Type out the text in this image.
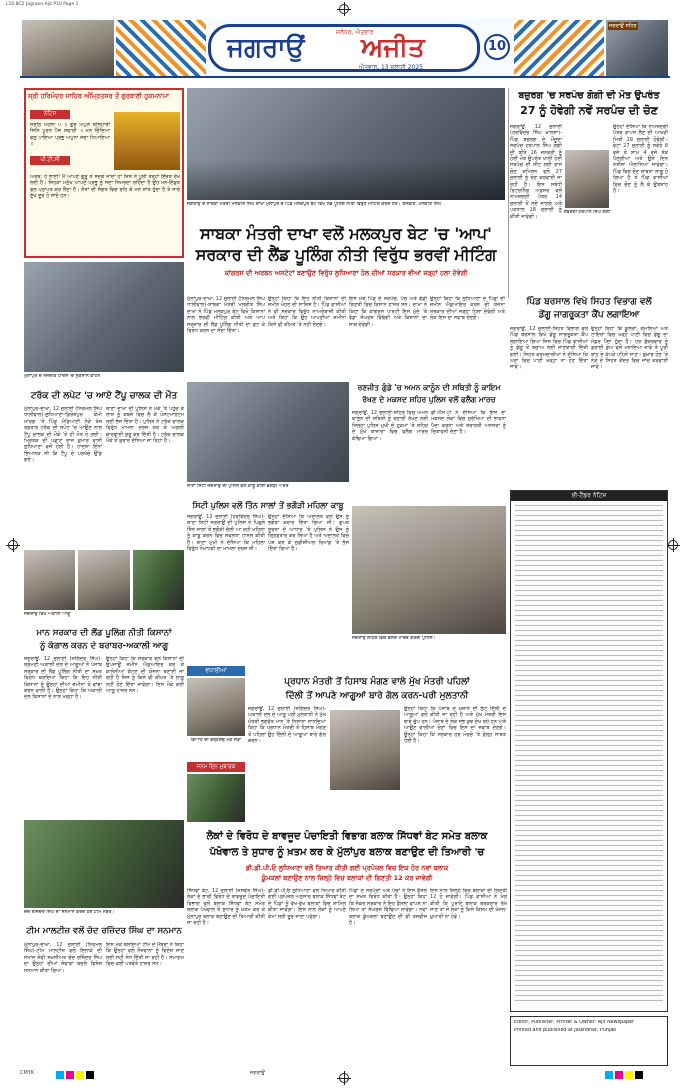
L10 8C2 Jagraon-Ajit P10 Page 1
ਜਗਰਾਉਂ
ਜਲੰਧਰ, ਐਤਵਾਰ
ਅਜੀਤ
ਐਤਵਾਰ, 13 ਜੁਲਾਈ 2025
10
ਜਗਰਾਉਂ ਸ਼ਹਿਰ
ਸ੍ਰੀ ਹਰਿਮੰਦਰ ਸਾਹਿਬ ਅੰਮ੍ਰਿਤਸਰ ਤੋਂ ਗੁਰਬਾਣੀ ਹੁਕਮਨਾਮਾ
ਨੋਟਿਸ
ਸੋਰਠਿ ਮਹਲਾ ੫ ॥ ਗੁਰ ਅਪੁਨੇ ਬਲਿਹਾਰੀ ਜਿਨਿ ਪੂਰਨ ਪੈਜ ਸਵਾਰੀ ॥ ਮਨ ਚਿੰਦਿਆ ਫਲੁ ਪਾਇਆ ਪ੍ਰਭੁ ਅਪੁਨਾ ਸਦਾ ਧਿਆਇਆ ॥
ਪੀ.ਟੀ.ਸੀ
ਅਰਥ: ਹੇ ਭਾਈ! ਮੈਂ ਆਪਣੇ ਗੁਰੂ ਤੋਂ ਸਦਕੇ ਜਾਂਦਾ ਹਾਂ ਜਿਸ ਨੇ ਪੂਰੀ ਤਰ੍ਹਾਂ ਇੱਜ਼ਤ ਰੱਖ ਲਈ ਹੈ। ਜਿਹੜਾ ਮਨੁੱਖ ਆਪਣੇ ਪ੍ਰਭੂ ਨੂੰ ਸਦਾ ਸਿਮਰਦਾ ਰਹਿੰਦਾ ਹੈ ਉਹ ਮਨ-ਇੱਛਤ ਫਲ ਪ੍ਰਾਪਤ ਕਰ ਲੈਂਦਾ ਹੈ। ਸੰਤਾਂ ਦੀ ਸੰਗਤ ਵਿਚ ਰਹਿ ਕੇ ਮਨ ਸ਼ਾਂਤ ਹੁੰਦਾ ਹੈ ਤੇ ਸਾਰੇ ਦੁੱਖ ਦੂਰ ਹੋ ਜਾਂਦੇ ਹਨ।
ਜਗਰਾਉਂ ਦੇ ਸਾਬਕਾ ਮੰਤਰੀ ਮਲਕੀਤ ਸਿੰਘ ਦਾਖਾ ਮੁਲਾਂਪੁਰ ਦੇ ਪਿੰਡ ਮਲਕਪੁਰ ਬੇਟ ਵਿਖੇ ਲੈਂਡ ਪੂਲਿੰਗ ਨੀਤੀ ਵਿਰੁੱਧ ਮੀਟਿੰਗ ਕਰਦੇ ਹੋਏ। ਤਸਵੀਰ: ਮਲਕੀਤ ਸਿੰਘ
ਬਜ਼ੁਰਗ 'ਚ ਸਰਪੰਚ ਗੋਗੀ ਦੀ ਮੌਤ ਉਪਰੰਤ
27 ਨੂੰ ਹੋਵੇਗੀ ਨਵੇਂ ਸਰਪੰਚ ਦੀ ਚੋਣ
ਜਗਰਾਉਂ, 12 ਜੁਲਾਈ (ਹਰਵਿੰਦਰ ਸਿੰਘ ਖ਼ਾਲਸਾ)-ਪਿੰਡ ਬਜ਼ੁਰਗ ਦੇ ਮੌਜੂਦਾ ਸਰਪੰਚ ਹਰਪਾਲ ਸਿੰਘ ਗੋਗੀ ਦੀ ਬੀਤੇ 16 ਜਨਵਰੀ ਨੂੰ ਹੋਈ ਮੌਤ ਉਪਰੰਤ ਖਾਲੀ ਹੋਈ ਸਰਪੰਚ ਦੀ ਸੀਟ ਲਈ ਰਾਜ ਚੋਣ ਕਮਿਸ਼ਨ ਵਲੋਂ 27 ਜੁਲਾਈ ਨੂੰ ਚੋਣ ਕਰਵਾਈ ਜਾ ਰਹੀ ਹੈ। ਇਸ ਸਬੰਧੀ ਰਿਟਰਨਿੰਗ ਅਫ਼ਸਰ ਵਲੋਂ ਨਾਮਜ਼ਦਗੀ ਪੱਤਰ 14 ਜੁਲਾਈ ਤੋਂ ਲਏ ਜਾਣਗੇ ਅਤੇ ਪੜਤਾਲ 18 ਜੁਲਾਈ ਨੂੰ ਕੀਤੀ ਜਾਵੇਗੀ।
ਸਵਰਗੀ ਹਰਪਾਲ ਸਿੰਘ ਗੋਗੀ
ਉਨ੍ਹਾਂ ਦੱਸਿਆ ਕਿ ਨਾਮਜ਼ਦਗੀ ਪੱਤਰ ਵਾਪਸ ਲੈਣ ਦੀ ਆਖ਼ਰੀ ਮਿਤੀ 19 ਜੁਲਾਈ ਹੋਵੇਗੀ। ਵੋਟਾਂ 27 ਜੁਲਾਈ ਨੂੰ ਸਵੇਰੇ 8 ਵਜੇ ਤੋਂ ਸ਼ਾਮ 4 ਵਜੇ ਤੱਕ ਪੈਣਗੀਆਂ ਅਤੇ ਉਸੇ ਦਿਨ ਨਤੀਜਾ ਐਲਾਨਿਆ ਜਾਵੇਗਾ। ਪਿੰਡ ਵਿਚ ਚੋਣ ਜ਼ਾਬਤਾ ਲਾਗੂ ਹੋ ਗਿਆ ਹੈ ਤੇ ਪਿੰਡ ਵਾਸੀਆਂ ਵਿਚ ਚੋਣ ਨੂੰ ਲੈ ਕੇ ਉਤਸ਼ਾਹ ਹੈ।
ਸਾਬਕਾ ਮੰਤਰੀ ਦਾਖਾ ਵਲੋਂ ਮਲਕਪੁਰ ਬੇਟ 'ਚ 'ਆਪ'
ਸਰਕਾਰ ਦੀ ਲੈਂਡ ਪੂਲਿੰਗ ਨੀਤੀ ਵਿਰੁੱਧ ਭਰਵੀਂ ਮੀਟਿੰਗ
ਕਾਂਗਰਸ ਦੀ ਅਰਬਨ ਅਸਟੇਟਾਂ ਬਣਾਉਣ ਵਿਰੁੱਧ ਲੁਧਿਆਣਾ ਹੋਲ ਦੀਆਂ ਸਰਕਾਰ ਵੀਆਂ ਜੜ੍ਹਾਂ ਹਲਾ ਦੇਵੇਗੀ
ਮੁੱਲਾਂਪੁਰ ਦੇ ਨਜ਼ਦੀਕ ਹਾਦਸੇ 'ਚ ਨੁਕਸਾਨੇ ਵਾਹਨ
ਟਰੱਕ ਦੀ ਲਪੇਟ 'ਚ ਆਏ ਟੈਂਪੂ ਚਾਲਕ ਦੀ ਮੌਤ
ਮੁੱਲਾਂਪੁਰ-ਦਾਖਾ, 12 ਜੁਲਾਈ (ਨਿਰਮਲ ਸਿੰਘ ਧਾਲੀਵਾਲ)-ਲੁਧਿਆਣਾ-ਫ਼ਿਰੋਜ਼ਪੁਰ ਕੌਮੀ ਮਾਰਗ 'ਤੇ ਪਿੰਡ ਮੰਡਿਆਣੀ ਨੇੜੇ ਤੇਜ਼ ਰਫ਼ਤਾਰ ਟਰੱਕ ਦੀ ਲਪੇਟ 'ਚ ਆਉਣ ਨਾਲ ਟੈਂਪੂ ਚਾਲਕ ਦੀ ਮੌਕੇ 'ਤੇ ਹੀ ਮੌਤ ਹੋ ਗਈ। ਮ੍ਰਿਤਕ ਦੀ ਪਛਾਣ ਰਾਜ ਕੁਮਾਰ ਵਾਸੀ ਲੁਧਿਆਣਾ ਵਜੋਂ ਹੋਈ ਹੈ। ਹਾਦਸਾ ਇੰਨਾ ਭਿਆਨਕ ਸੀ ਕਿ ਟੈਂਪੂ ਦੇ ਪਰਖੱਚੇ ਉੱਡ ਗਏ।
ਥਾਣਾ ਦਾਖਾ ਦੀ ਪੁਲਿਸ ਨੇ ਮੌਕੇ 'ਤੇ ਪਹੁੰਚ ਕੇ ਲਾਸ਼ ਨੂੰ ਕਬਜ਼ੇ ਵਿਚ ਲੈ ਕੇ ਪੋਸਟਮਾਰਟਮ ਲਈ ਭੇਜ ਦਿੱਤਾ ਹੈ। ਪੁਲਿਸ ਨੇ ਟਰੱਕ ਚਾਲਕ ਵਿਰੁੱਧ ਮਾਮਲਾ ਦਰਜ ਕਰ ਕੇ ਅਗਲੀ ਕਾਰਵਾਈ ਸ਼ੁਰੂ ਕਰ ਦਿੱਤੀ ਹੈ। ਟਰੱਕ ਚਾਲਕ ਮੌਕੇ ਤੋਂ ਫ਼ਰਾਰ ਦੱਸਿਆ ਜਾ ਰਿਹਾ ਹੈ।
ਜਗਰਾਉਂ ਵਿਖੇ ਅਕਾਲੀ ਆਗੂ
ਮਾਨ ਸਰਕਾਰ ਦੀ ਲੈਂਡ ਪੂਲਿੰਗ ਨੀਤੀ ਕਿਸਾਨਾਂ
ਨੂੰ ਕੰਗਾਲ ਕਰਨ ਦੇ ਬਰਾਬਰ-ਅਕਾਲੀ ਆਗੂ
ਜਗਰਾਉਂ, 12 ਜੁਲਾਈ (ਜੋਗਿੰਦਰ ਸਿੰਘ)-ਸ਼੍ਰੋਮਣੀ ਅਕਾਲੀ ਦਲ ਦੇ ਆਗੂਆਂ ਨੇ ਪੰਜਾਬ ਸਰਕਾਰ ਦੀ ਲੈਂਡ ਪੂਲਿੰਗ ਨੀਤੀ ਦਾ ਸਖ਼ਤ ਵਿਰੋਧ ਕਰਦਿਆਂ ਕਿਹਾ ਕਿ ਇਹ ਨੀਤੀ ਕਿਸਾਨਾਂ ਨੂੰ ਉਨ੍ਹਾਂ ਦੀਆਂ ਜ਼ਮੀਨਾਂ ਤੋਂ ਵਾਂਝਾ ਕਰਨ ਵਾਲੀ ਹੈ। ਉਨ੍ਹਾਂ ਕਿਹਾ ਕਿ ਅਕਾਲੀ ਦਲ ਕਿਸਾਨਾਂ ਦੇ ਨਾਲ ਖੜ੍ਹਾ ਹੈ।
ਉਨ੍ਹਾਂ ਕਿਹਾ ਕਿ ਸਰਕਾਰ ਵਲੋਂ ਕਿਸਾਨਾਂ ਦੀ ਉਪਜਾਊ ਜ਼ਮੀਨ ਐਕੁਆਇਰ ਕਰ ਕੇ ਕਾਲੋਨੀਆਂ ਕੱਟਣ ਦੀ ਯੋਜਨਾ ਬਣਾਈ ਜਾ ਰਹੀ ਹੈ ਜਿਸ ਨੂੰ ਕਿਸੇ ਵੀ ਕੀਮਤ 'ਤੇ ਲਾਗੂ ਨਹੀਂ ਹੋਣ ਦਿੱਤਾ ਜਾਵੇਗਾ। ਇਸ ਮੌਕੇ ਕਈ ਆਗੂ ਹਾਜ਼ਰ ਸਨ।
ਚੰਦ ਰਜ਼ਿੰਦਰ ਸਿੰਘ ਦਾ ਸਨਮਾਨ ਕਰਦੇ ਹੋਏ ਟੀਮ ਮੈਂਬਰ।
ਟੀਮ ਮਾਲਟੀਜ਼ ਵਲੋਂ ਚੰਦ ਰਜ਼ਿੰਦਰ ਸਿੰਘ ਦਾ ਸਨਮਾਨ
ਮੁੱਲਾਂਪੁਰ-ਦਾਖਾ, 12 ਜੁਲਾਈ (ਨਿਰਮਲ ਸਿੰਘ)-ਟੀਮ ਮਾਲਟੀਜ਼ ਵਲੋਂ ਇਲਾਕੇ ਦੀ ਸਮਾਜ ਸੇਵੀ ਸ਼ਖ਼ਸੀਅਤ ਚੰਦ ਰਜ਼ਿੰਦਰ ਸਿੰਘ ਦਾ ਉਨ੍ਹਾਂ ਦੀਆਂ ਸੇਵਾਵਾਂ ਬਦਲੇ ਵਿਸ਼ੇਸ਼ ਸਨਮਾਨ ਕੀਤਾ ਗਿਆ।
ਇਸ ਮੌਕੇ ਬੋਲਦਿਆਂ ਟੀਮ ਦੇ ਮੈਂਬਰਾਂ ਨੇ ਕਿਹਾ ਕਿ ਉਨ੍ਹਾਂ ਵਲੋਂ ਨੌਜਵਾਨਾਂ ਨੂੰ ਵਿਦੇਸ਼ ਜਾਣ ਲਈ ਸਹੀ ਸੇਧ ਦਿੱਤੀ ਜਾ ਰਹੀ ਹੈ। ਸਮਾਗਮ ਵਿਚ ਕਈ ਪਤਵੰਤੇ ਹਾਜ਼ਰ ਸਨ।
ਮੁੱਲਾਂਪੁਰ-ਦਾਖਾ, 12 ਜੁਲਾਈ (ਨਿਰਮਲ ਸਿੰਘ ਧਾਲੀਵਾਲ)-ਸਾਬਕਾ ਮੰਤਰੀ ਮਲਕੀਤ ਸਿੰਘ ਦਾਖਾ ਨੇ ਪਿੰਡ ਮਲਕਪੁਰ ਬੇਟ ਵਿਖੇ ਕਿਸਾਨਾਂ ਨਾਲ ਭਰਵੀਂ ਮੀਟਿੰਗ ਕੀਤੀ ਅਤੇ ਆਪ ਸਰਕਾਰ ਦੀ ਲੈਂਡ ਪੂਲਿੰਗ ਨੀਤੀ ਦਾ ਡਟ ਕੇ ਵਿਰੋਧ ਕਰਨ ਦਾ ਸੱਦਾ ਦਿੱਤਾ।
ਉਨ੍ਹਾਂ ਕਿਹਾ ਕਿ ਇਹ ਨੀਤੀ ਕਿਸਾਨਾਂ ਦੀ ਜ਼ਮੀਨ ਖੋਹਣ ਦੀ ਸਾਜ਼ਿਸ਼ ਹੈ। ਪਿੰਡ ਵਾਸੀਆਂ ਨੇ ਵੀ ਸਰਕਾਰ ਵਿਰੁੱਧ ਨਾਅਰੇਬਾਜ਼ੀ ਕੀਤੀ ਅਤੇ ਕਿਹਾ ਕਿ ਉਹ ਆਪਣੀਆਂ ਜ਼ਮੀਨਾਂ ਕਿਸੇ ਵੀ ਕੀਮਤ 'ਤੇ ਨਹੀਂ ਦੇਣਗੇ।
ਇਸ ਮੌਕੇ ਪਿੰਡ ਦੇ ਸਰਪੰਚ, ਪੰਚ ਅਤੇ ਵੱਡੀ ਗਿਣਤੀ ਵਿਚ ਕਿਸਾਨ ਹਾਜ਼ਰ ਸਨ। ਦਾਖਾ ਨੇ ਕਿਹਾ ਕਿ ਕਾਂਗਰਸ ਪਾਰਟੀ ਇਸ ਮੁੱਦੇ 'ਤੇ ਵੱਡਾ ਸੰਘਰਸ਼ ਵਿੱਢੇਗੀ ਅਤੇ ਕਿਸਾਨਾਂ ਦਾ ਸਾਥ ਦੇਵੇਗੀ।
ਉਨ੍ਹਾਂ ਕਿਹਾ ਕਿ ਲੁਧਿਆਣਾ ਦੇ ਪਿੰਡਾਂ ਦੀ ਜ਼ਮੀਨ ਐਕੁਆਇਰ ਕਰਨ ਦੀ ਯੋਜਨਾ ਸਰਕਾਰ ਦੀਆਂ ਜੜ੍ਹਾਂ ਹਿਲਾ ਦੇਵੇਗੀ ਅਤੇ ਲੋਕ ਇਸ ਦਾ ਜਵਾਬ ਦੇਣਗੇ।
ਪਿੰਡ ਬਰਸਾਲ ਵਿਖੇ ਸਿਹਤ ਵਿਭਾਗ ਵਲੋਂ
ਡੇਂਗੂ ਜਾਗਰੂਕਤਾ ਕੈਂਪ ਲਗਾਇਆ
ਜਗਰਾਉਂ, 12 ਜੁਲਾਈ-ਸਿਹਤ ਵਿਭਾਗ ਵਲੋਂ ਪਿੰਡ ਬਰਸਾਲ ਵਿਖੇ ਡੇਂਗੂ ਜਾਗਰੂਕਤਾ ਕੈਂਪ ਲਗਾਇਆ ਗਿਆ ਜਿਸ ਵਿਚ ਪਿੰਡ ਵਾਸੀਆਂ ਨੂੰ ਡੇਂਗੂ ਤੋਂ ਬਚਾਅ ਲਈ ਜਾਣਕਾਰੀ ਦਿੱਤੀ ਗਈ। ਸਿਹਤ ਕਰਮਚਾਰੀਆਂ ਨੇ ਦੱਸਿਆ ਕਿ ਘਰਾਂ ਵਿਚ ਪਾਣੀ ਖੜ੍ਹਾ ਨਾ ਹੋਣ ਦਿੱਤਾ ਜਾਵੇ।
ਉਨ੍ਹਾਂ ਕਿਹਾ ਕਿ ਕੂਲਰਾਂ, ਗਮਲਿਆਂ ਅਤੇ ਟਾਇਰਾਂ ਵਿਚ ਖੜ੍ਹੇ ਪਾਣੀ ਵਿਚ ਡੇਂਗੂ ਦਾ ਮੱਛਰ ਪੈਦਾ ਹੁੰਦਾ ਹੈ। ਹਰ ਸ਼ੁੱਕਰਵਾਰ ਨੂੰ ਡਰਾਈ ਡੇਅ ਵਜੋਂ ਮਨਾਇਆ ਜਾਵੇ ਤੇ ਪੂਰੀ ਬਾਂਹ ਦੇ ਕੱਪੜੇ ਪਹਿਨੇ ਜਾਣ। ਬੁਖ਼ਾਰ ਹੋਣ 'ਤੇ ਨੇੜੇ ਦੇ ਸਿਹਤ ਕੇਂਦਰ ਵਿਚ ਜਾਂਚ ਕਰਵਾਈ ਜਾਵੇ।
ਥਾਣਾ ਸਿਟੀ ਜਗਰਾਉਂ ਦੀ ਪੁਲਿਸ ਵਲੋਂ ਕਾਬੂ ਕੀਤੀ ਭਗੌੜੀ ਔਰਤ
ਸਿਟੀ ਪੁਲਿਸ ਵਲੋਂ ਤਿੰਨ ਸਾਲਾਂ ਤੋਂ ਭਗੌੜੀ ਮਹਿਲਾ ਕਾਬੂ
ਜਗਰਾਉਂ, 12 ਜੁਲਾਈ (ਹਰਵਿੰਦਰ ਸਿੰਘ)-ਥਾਣਾ ਸਿਟੀ ਜਗਰਾਉਂ ਦੀ ਪੁਲਿਸ ਨੇ ਪਿਛਲੇ ਤਿੰਨ ਸਾਲਾਂ ਤੋਂ ਭਗੌੜੀ ਚੱਲੀ ਆ ਰਹੀ ਮਹਿਲਾ ਨੂੰ ਕਾਬੂ ਕਰਨ ਵਿਚ ਸਫਲਤਾ ਹਾਸਲ ਕੀਤੀ ਹੈ। ਥਾਣਾ ਮੁਖੀ ਨੇ ਦੱਸਿਆ ਕਿ ਮਹਿਲਾ ਵਿਰੁੱਧ ਧੋਖਾਧੜੀ ਦਾ ਮਾਮਲਾ ਦਰਜ ਸੀ।
ਉਨ੍ਹਾਂ ਦੱਸਿਆ ਕਿ ਅਦਾਲਤ ਵਲੋਂ ਉਸ ਨੂੰ ਭਗੌੜਾ ਕਰਾਰ ਦਿੱਤਾ ਗਿਆ ਸੀ। ਗੁਪਤ ਸੂਚਨਾ ਦੇ ਆਧਾਰ 'ਤੇ ਪੁਲਿਸ ਨੇ ਉਸ ਨੂੰ ਗ੍ਰਿਫ਼ਤਾਰ ਕਰ ਲਿਆ ਹੈ ਅਤੇ ਅਦਾਲਤ ਵਿਚ ਪੇਸ਼ ਕਰ ਕੇ ਜੁਡੀਸ਼ੀਅਲ ਰਿਮਾਂਡ 'ਤੇ ਭੇਜ ਦਿੱਤਾ ਗਿਆ ਹੈ।
ਰਣਜੀਤ ਗੁੰਡੇ 'ਚ ਅਮਨ ਕਾਨੂੰਨ ਦੀ ਸਥਿਤੀ ਨੂੰ ਕਾਇਮ
ਰੱਖਣ ਦੇ ਮਕਸਦ ਸ਼ਹਿਰ ਪੁਲਿਸ ਵਲੋਂ ਫਲੈਗ ਮਾਰਚ
ਜਗਰਾਉਂ, 12 ਜੁਲਾਈ-ਸ਼ਹਿਰ ਵਿਚ ਅਮਨ ਕਾਨੂੰਨ ਦੀ ਸਥਿਤੀ ਨੂੰ ਬਣਾਈ ਰੱਖਣ ਲਈ ਜ਼ਿਲ੍ਹਾ ਪੁਲਿਸ ਮੁਖੀ ਦੇ ਹੁਕਮਾਂ 'ਤੇ ਸ਼ਹਿਰ ਦੇ ਮੁੱਖ ਬਾਜ਼ਾਰਾਂ ਵਿਚ ਫਲੈਗ ਮਾਰਚ ਕੱਢਿਆ ਗਿਆ।
ਡੀ.ਐੱਸ.ਪੀ ਨੇ ਦੱਸਿਆ ਕਿ ਇਸ ਦਾ ਮਕਸਦ ਲੋਕਾਂ ਵਿਚ ਸੁਰੱਖਿਆ ਦੀ ਭਾਵਨਾ ਪੈਦਾ ਕਰਨਾ ਅਤੇ ਸ਼ਰਾਰਤੀ ਅਨਸਰਾਂ ਨੂੰ ਚਿਤਾਵਨੀ ਦੇਣਾ ਹੈ।
ਜਗਰਾਉਂ ਸ਼ਹਿਰ ਵਿਚ ਫਲੈਗ ਮਾਰਚ ਕਰਦੀ ਪੁਲਿਸ।
ਈ-ਟੈਂਡਰ ਨੋਟਿਸ
ਵਧਾਈਆਂ
ਵਿਆਹ ਦੀ ਵਰ੍ਹੇਗੰਢ ਮੌਕੇ ਜੋੜਾ
ਜਨਮ ਦਿਨ ਮੁਬਾਰਕ
ਪ੍ਰਧਾਨ ਮੰਤਰੀ ਤੋਂ ਹਿਸਾਬ ਮੰਗਣ ਵਾਲੇ ਮੁੱਖ ਮੰਤਰੀ ਪਹਿਲਾਂ
ਦਿੱਲੀ ਤੋਂ ਆਪਣੇ ਆਗੂਆਂ ਬਾਰੇ ਗੱਲ ਕਰਨ-ਪਰੀ ਮੁਲਤਾਨੀ
ਜਗਰਾਉਂ, 12 ਜੁਲਾਈ (ਜੋਗਿੰਦਰ ਸਿੰਘ)-ਅਕਾਲੀ ਦਲ ਦੇ ਆਗੂ ਪਰੀ ਮੁਲਤਾਨੀ ਨੇ ਮੁੱਖ ਮੰਤਰੀ ਭਗਵੰਤ ਮਾਨ 'ਤੇ ਨਿਸ਼ਾਨਾ ਸਾਧਦਿਆਂ ਕਿਹਾ ਕਿ ਪ੍ਰਧਾਨ ਮੰਤਰੀ ਤੋਂ ਹਿਸਾਬ ਮੰਗਣ ਤੋਂ ਪਹਿਲਾਂ ਉਹ ਦਿੱਲੀ ਦੇ ਆਗੂਆਂ ਬਾਰੇ ਗੱਲ ਕਰਨ।
ਉਨ੍ਹਾਂ ਕਿਹਾ ਕਿ ਪੰਜਾਬ ਦੇ ਖ਼ਜ਼ਾਨੇ ਦੀ ਲੁੱਟ ਦਿੱਲੀ ਦੇ ਆਗੂਆਂ ਵਲੋਂ ਕੀਤੀ ਜਾ ਰਹੀ ਹੈ ਅਤੇ ਮੁੱਖ ਮੰਤਰੀ ਇਸ ਬਾਰੇ ਚੁੱਪ ਹਨ। ਪੰਜਾਬ ਦੇ ਲੋਕ ਸਭ ਕੁਝ ਦੇਖ ਰਹੇ ਹਨ ਅਤੇ ਆਉਣ ਵਾਲੀਆਂ ਚੋਣਾਂ ਵਿਚ ਇਸ ਦਾ ਜਵਾਬ ਦੇਣਗੇ। ਉਨ੍ਹਾਂ ਕਿਹਾ ਕਿ ਸਰਕਾਰ ਹਰ ਮੋਰਚੇ 'ਤੇ ਫ਼ੇਲ੍ਹ ਸਾਬਤ ਹੋਈ ਹੈ।
ਲੋਕਾਂ ਦੇ ਵਿਰੋਧ ਦੇ ਬਾਵਜੂਦ ਪੰਚਾਇਤੀ ਵਿਭਾਗ ਬਲਾਕ ਸਿੱਧਵਾਂ ਬੇਟ ਸਮੇਤ ਬਲਾਕ
ਪੱਖੋਵਾਲ ਤੇ ਸੁਧਾਰ ਨੂੰ ਖ਼ਤਮ ਕਰ ਕੇ ਮੁੱਲਾਂਪੁਰ ਬਲਾਕ ਬਣਾਉਣ ਦੀ ਤਿਆਰੀ 'ਚ
ਡੀ.ਡੀ.ਪੀ.ਓ ਲੁਧਿਆਣਾ ਵਲੋਂ ਤਿਆਰ ਕੀਤੀ ਗਈ ਪ੍ਰਪੋਜ਼ਲ ਵਿਚ ਇਕ ਹੋਰ ਨਵਾਂ ਬਲਾਕ
ਕੂੰਮਕਲਾਂ ਬਣਾਉਣ ਨਾਲ ਜ਼ਿਲ੍ਹੇ ਵਿਚ ਬਲਾਕਾਂ ਦੀ ਗਿਣਤੀ 12 ਕਰ ਜਾਵੇਗੀ
ਸਿੱਧਵਾਂ ਬੇਟ, 12 ਜੁਲਾਈ (ਜਸਵੰਤ ਸਿੰਘ)-ਲੋਕਾਂ ਦੇ ਭਾਰੀ ਵਿਰੋਧ ਦੇ ਬਾਵਜੂਦ ਪੰਚਾਇਤੀ ਵਿਭਾਗ ਵਲੋਂ ਬਲਾਕ ਸਿੱਧਵਾਂ ਬੇਟ ਸਮੇਤ ਬਲਾਕ ਪੱਖੋਵਾਲ ਤੇ ਸੁਧਾਰ ਨੂੰ ਖ਼ਤਮ ਕਰ ਕੇ ਮੁੱਲਾਂਪੁਰ ਬਲਾਕ ਬਣਾਉਣ ਦੀ ਤਿਆਰੀ ਕੀਤੀ ਜਾ ਰਹੀ ਹੈ।
ਡੀ.ਡੀ.ਪੀ.ਓ ਲੁਧਿਆਣਾ ਵਲੋਂ ਤਿਆਰ ਕੀਤੀ ਗਈ ਪ੍ਰਪੋਜ਼ਲ ਅਨੁਸਾਰ ਬਲਾਕ ਸਿੱਧਵਾਂ ਬੇਟ ਦੇ ਪਿੰਡਾਂ ਨੂੰ ਵੱਖ-ਵੱਖ ਬਲਾਕਾਂ ਵਿਚ ਸ਼ਾਮਿਲ ਕੀਤਾ ਜਾਵੇਗਾ। ਇਸ ਨਾਲ ਲੋਕਾਂ ਨੂੰ ਆਪਣੇ ਕੰਮਾਂ ਲਈ ਦੂਰ ਜਾਣਾ ਪਵੇਗਾ।
ਪਿੰਡਾਂ ਦੇ ਸਰਪੰਚਾਂ ਅਤੇ ਪੰਚਾਂ ਨੇ ਇਸ ਫ਼ੈਸਲੇ ਦਾ ਸਖ਼ਤ ਵਿਰੋਧ ਕੀਤਾ ਹੈ। ਉਨ੍ਹਾਂ ਕਿਹਾ ਕਿ ਜੇਕਰ ਸਰਕਾਰ ਨੇ ਇਹ ਫ਼ੈਸਲਾ ਵਾਪਸ ਨਾ ਲਿਆ ਤਾਂ ਸੰਘਰਸ਼ ਵਿੱਢਿਆ ਜਾਵੇਗਾ। ਨਵਾਂ ਬਲਾਕ ਕੂੰਮਕਲਾਂ ਬਣਾਉਣ ਦੀ ਵੀ ਤਜਵੀਜ਼ ਹੈ।
ਇਸ ਨਾਲ ਜ਼ਿਲ੍ਹੇ ਵਿਚ ਬਲਾਕਾਂ ਦੀ ਗਿਣਤੀ 12 ਹੋ ਜਾਵੇਗੀ। ਪਿੰਡ ਵਾਸੀਆਂ ਨੇ ਮੰਗ ਕੀਤੀ ਕਿ ਪੁਰਾਣੇ ਬਲਾਕ ਬਰਕਰਾਰ ਰੱਖੇ ਜਾਣ ਤਾਂ ਜੋ ਲੋਕਾਂ ਨੂੰ ਕਿਸੇ ਕਿਸਮ ਦੀ ਖੱਜਲ-ਖ਼ੁਆਰੀ ਨਾ ਹੋਵੇ।
Editor, Publisher, Printer & Owner: Ajit Newspaper
Printed and published at Jalandhar, Punjab
CMYK	ਜਗਰਾਉਂ
